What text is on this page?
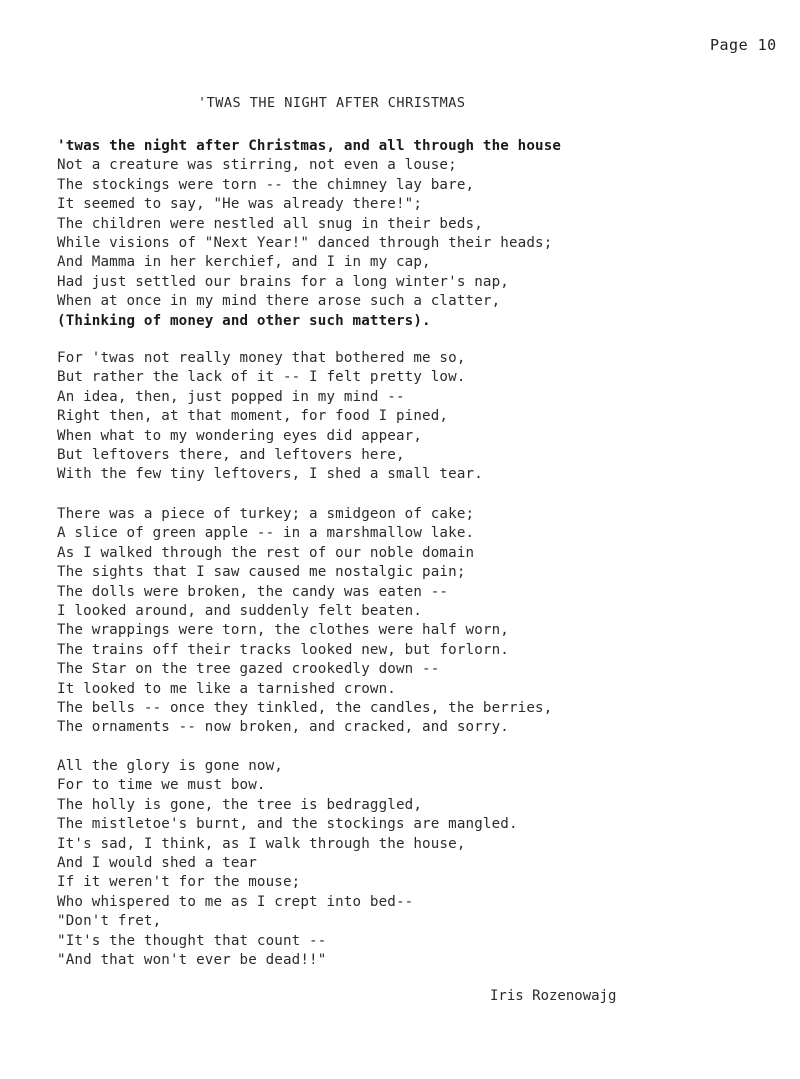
Page 10
'TWAS THE NIGHT AFTER CHRISTMAS
'twas the night after Christmas, and all through the house
Not a creature was stirring, not even a louse;
The stockings were torn -- the chimney lay bare,
It seemed to say, "He was already there!";
The children were nestled all snug in their beds,
While visions of "Next Year!" danced through their heads;
And Mamma in her kerchief, and I in my cap,
Had just settled our brains for a long winter's nap,
When at once in my mind there arose such a clatter,
(Thinking of money and other such matters).
For 'twas not really money that bothered me so,
But rather the lack of it -- I felt pretty low.
An idea, then, just popped in my mind --
Right then, at that moment, for food I pined,
When what to my wondering eyes did appear,
But leftovers there, and leftovers here,
With the few tiny leftovers, I shed a small tear.
There was a piece of turkey; a smidgeon of cake;
A slice of green apple -- in a marshmallow lake.
As I walked through the rest of our noble domain
The sights that I saw caused me nostalgic pain;
The dolls were broken, the candy was eaten --
I looked around, and suddenly felt beaten.
The wrappings were torn, the clothes were half worn,
The trains off their tracks looked new, but forlorn.
The Star on the tree gazed crookedly down --
It looked to me like a tarnished crown.
The bells -- once they tinkled, the candles, the berries,
The ornaments -- now broken, and cracked, and sorry.
All the glory is gone now,
For to time we must bow.
The holly is gone, the tree is bedraggled,
The mistletoe's burnt, and the stockings are mangled.
It's sad, I think, as I walk through the house,
And I would shed a tear
If it weren't for the mouse;
Who whispered to me as I crept into bed--
"Don't fret,
"It's the thought that count --
"And that won't ever be dead!!"
Iris Rozenowajg
